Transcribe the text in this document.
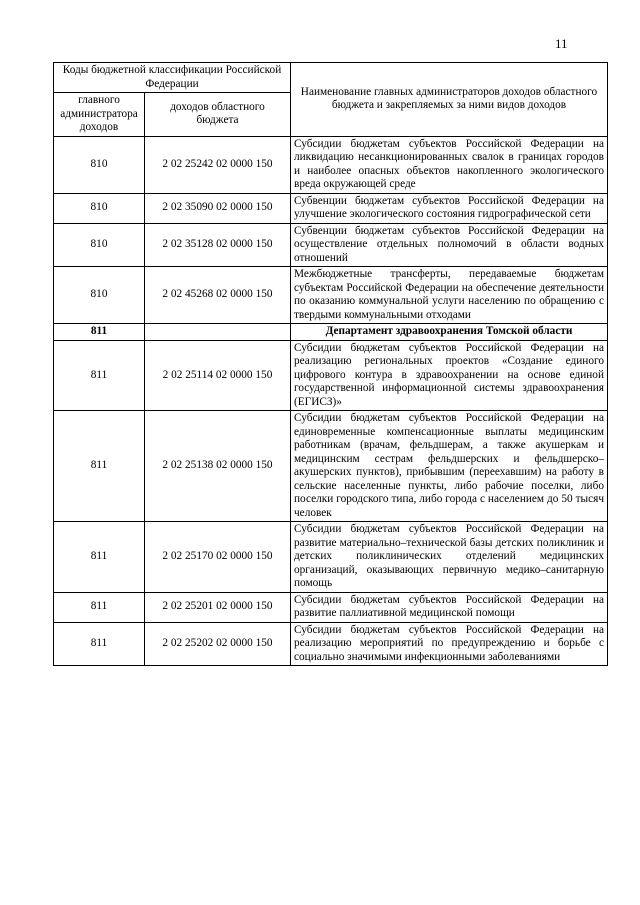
11
Коды бюджетной классификации Российской Федерации		Наименование главных администраторов доходов областного бюджета и закрепляемых за ними видов доходов
главного администратора доходов	доходов областного бюджета	
810	2 02 25242 02 0000 150	Субсидии бюджетам субъектов Российской Федерации на ликвидацию несанкционированных свалок в границах городов и наиболее опасных объектов накопленного экологического вреда окружающей среде
810	2 02 35090 02 0000 150	Субвенции бюджетам субъектов Российской Федерации на улучшение экологического состояния гидрографической сети
810	2 02 35128 02 0000 150	Субвенции бюджетам субъектов Российской Федерации на осуществление отдельных полномочий в области водных отношений
810	2 02 45268 02 0000 150	Межбюджетные трансферты, передаваемые бюджетам субъектам Российской Федерации на обеспечение деятельности по оказанию коммунальной услуги населению по обращению с твердыми коммунальными отходами
811		Департамент здравоохранения Томской области
811	2 02 25114 02 0000 150	Субсидии бюджетам субъектов Российской Федерации на реализацию региональных проектов «Создание единого цифрового контура в здравоохранении на основе единой государственной информационной системы здравоохранения (ЕГИСЗ)»
811	2 02 25138 02 0000 150	Субсидии бюджетам субъектов Российской Федерации на единовременные компенсационные выплаты медицинским работникам (врачам, фельдшерам, а также акушеркам и медицинским сестрам фельдшерских и фельдшерско–акушерских пунктов), прибывшим (переехавшим) на работу в сельские населенные пункты, либо рабочие поселки, либо поселки городского типа, либо города с населением до 50 тысяч человек
811	2 02 25170 02 0000 150	Субсидии бюджетам субъектов Российской Федерации на развитие материально–технической базы детских поликлиник и детских поликлинических отделений медицинских организаций, оказывающих первичную медико–санитарную помощь
811	2 02 25201 02 0000 150	Субсидии бюджетам субъектов Российской Федерации на развитие паллиативной медицинской помощи
811	2 02 25202 02 0000 150	Субсидии бюджетам субъектов Российской Федерации на реализацию мероприятий по предупреждению и борьбе с социально значимыми инфекционными заболеваниями
